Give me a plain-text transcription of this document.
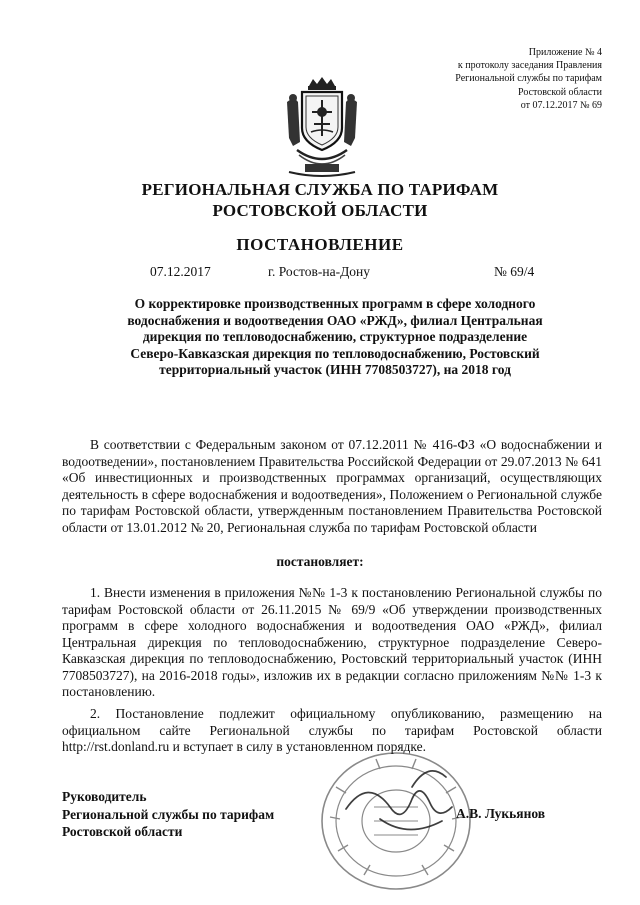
Приложение № 4
к протоколу заседания Правления
Региональной службы по тарифам
Ростовской области
от 07.12.2017 № 69
РЕГИОНАЛЬНАЯ СЛУЖБА ПО ТАРИФАМ
РОСТОВСКОЙ ОБЛАСТИ
ПОСТАНОВЛЕНИЕ
07.12.2017	г. Ростов-на-Дону	№ 69/4
О корректировке производственных программ в сфере холодного
водоснабжения и водоотведения ОАО «РЖД», филиал Центральная
дирекция по тепловодоснабжению, структурное подразделение
Северо-Кавказская дирекция по тепловодоснабжению, Ростовский
территориальный участок (ИНН 7708503727), на 2018 год

В соответствии с Федеральным законом от 07.12.2011 № 416-ФЗ «О водоснабжении и водоотведении», постановлением Правительства Российской Федерации от 29.07.2013 № 641 «Об инвестиционных и производственных программах организаций, осуществляющих деятельность в сфере водоснабжения и водоотведения», Положением о Региональной службе по тарифам Ростовской области, утвержденным постановлением Правительства Ростовской области от 13.01.2012 № 20, Региональная служба по тарифам Ростовской области

постановляет:

1. Внести изменения в приложения №№ 1-3 к постановлению Региональной службы по тарифам Ростовской области от 26.11.2015 № 69/9 «Об утверждении производственных программ в сфере холодного водоснабжения и водоотведения ОАО «РЖД», филиал Центральная дирекция по тепловодоснабжению, структурное подразделение Северо-Кавказская дирекция по тепловодоснабжению, Ростовский территориальный участок (ИНН 7708503727), на 2016-2018 годы», изложив их в редакции согласно приложениям №№ 1-3 к постановлению.

2. Постановление подлежит официальному опубликованию, размещению на официальном сайте Региональной службы по тарифам Ростовской области http://rst.donland.ru и вступает в силу в установленном порядке.

Руководитель
Региональной службы по тарифам
Ростовской области
А.В. Лукьянов
